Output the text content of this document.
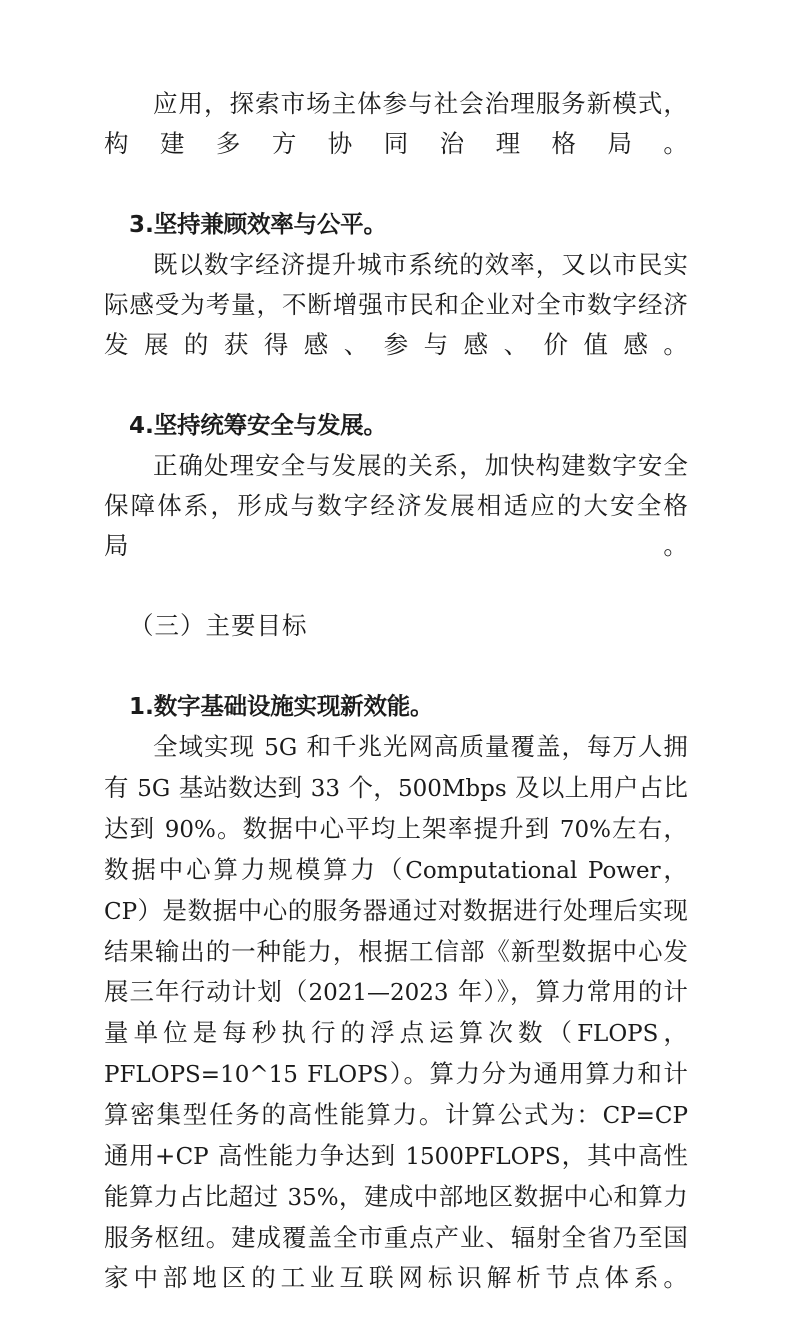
应用，探索市场主体参与社会治理服务新模式，构建多方协同治理格局。

3.坚持兼顾效率与公平。

既以数字经济提升城市系统的效率，又以市民实际感受为考量，不断增强市民和企业对全市数字经济发展的获得感、参与感、价值感。

4.坚持统筹安全与发展。

正确处理安全与发展的关系，加快构建数字安全保障体系，形成与数字经济发展相适应的大安全格局。

（三）主要目标

1.数字基础设施实现新效能。

全域实现 5G 和千兆光网高质量覆盖，每万人拥有 5G 基站数达到 33 个，500Mbps 及以上用户占比达到 90%。数据中心平均上架率提升到 70%左右，数据中心算力规模算力（Computational Power，CP）是数据中心的服务器通过对数据进行处理后实现结果输出的一种能力，根据工信部《新型数据中心发展三年行动计划（2021—2023 年）》，算力常用的计量单位是每秒执行的浮点运算次数（FLOPS，PFLOPS=10^15 FLOPS）。算力分为通用算力和计算密集型任务的高性能算力。计算公式为：CP=CP 通用+CP 高性能力争达到 1500PFLOPS，其中高性能算力占比超过 35%，建成中部地区数据中心和算力服务枢纽。建成覆盖全市重点产业、辐射全省乃至国家中部地区的工业互联网标识解析节点体系。
